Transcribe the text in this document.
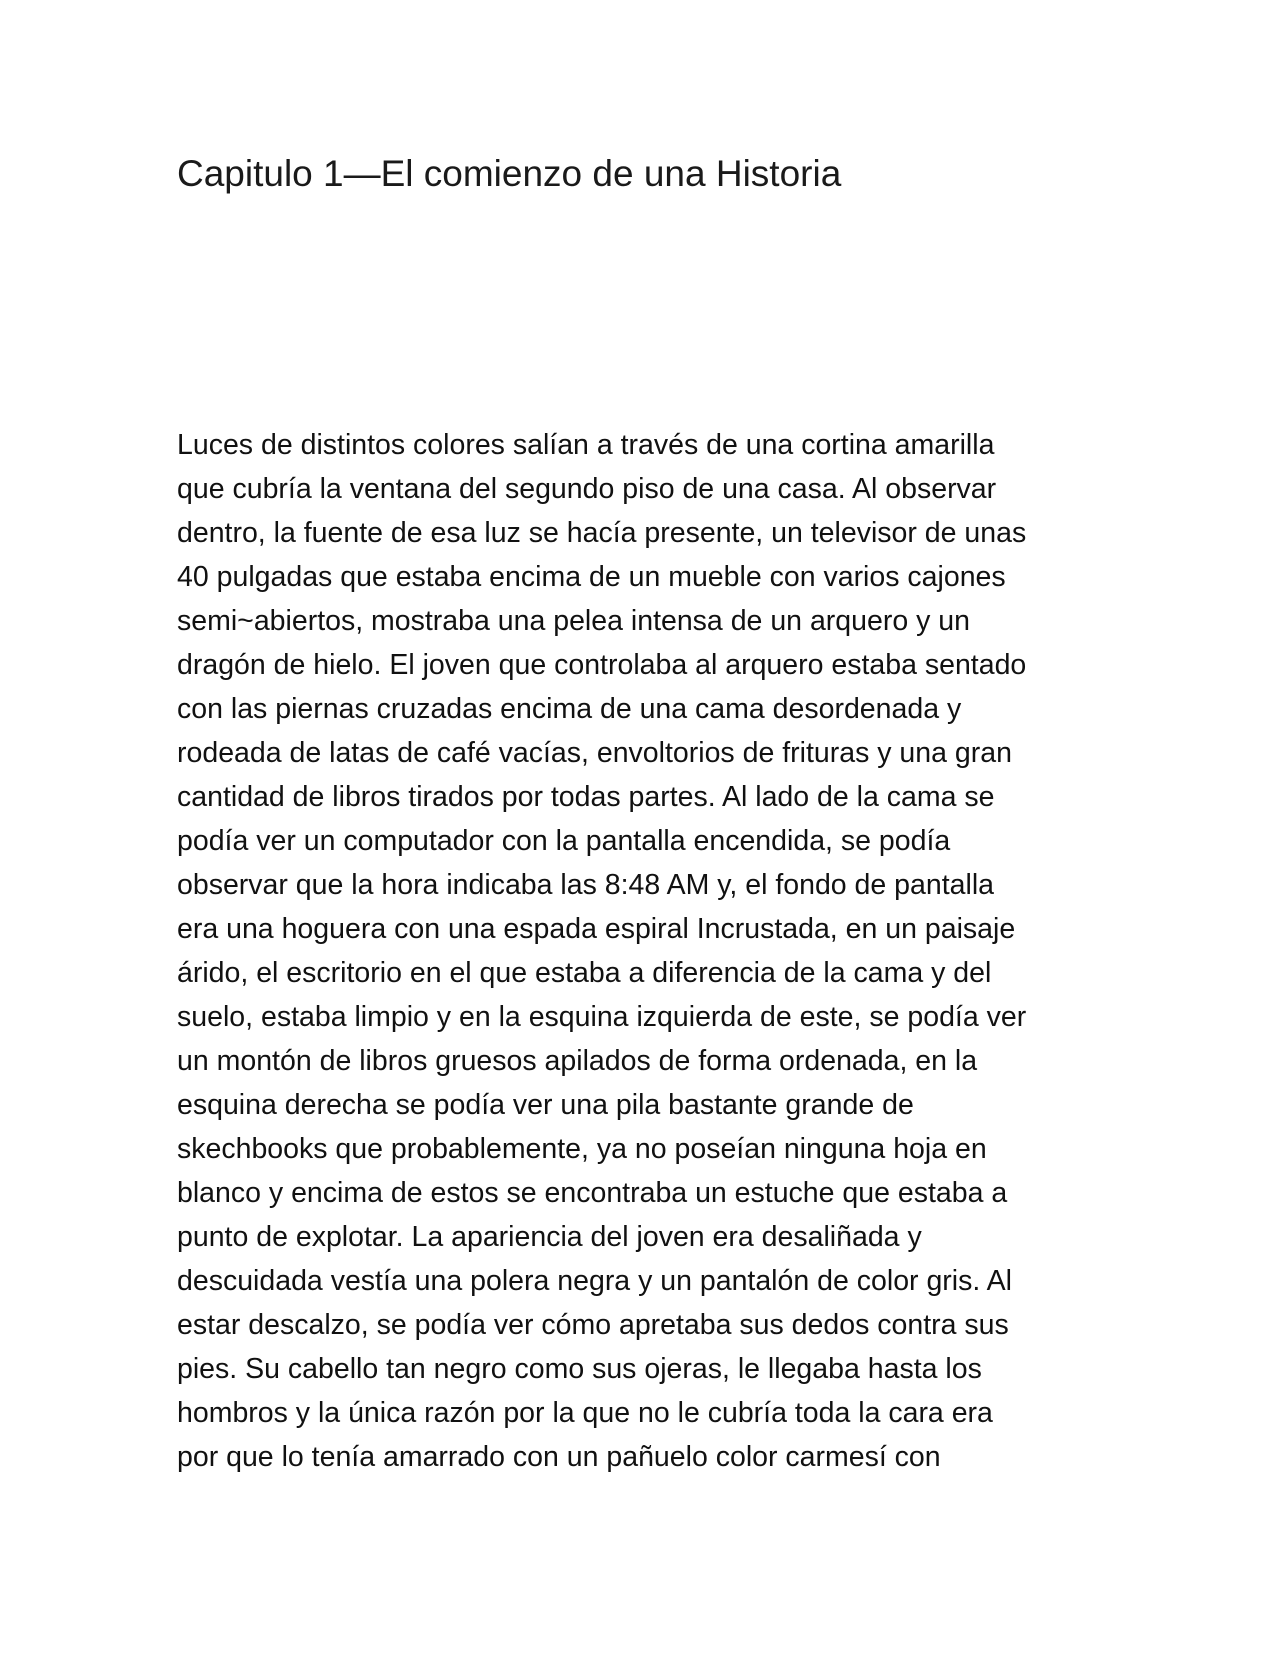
Capitulo 1—El comienzo de una Historia
Luces de distintos colores salían a través de una cortina amarilla
que cubría la ventana del segundo piso de una casa. Al observar
dentro, la fuente de esa luz se hacía presente, un televisor de unas
40 pulgadas que estaba encima de un mueble con varios cajones
semi~abiertos, mostraba una pelea intensa de un arquero y un
dragón de hielo. El joven que controlaba al arquero estaba sentado
con las piernas cruzadas encima de una cama desordenada y
rodeada de latas de café vacías, envoltorios de frituras y una gran
cantidad de libros tirados por todas partes. Al lado de la cama se
podía ver un computador con la pantalla encendida, se podía
observar que la hora indicaba las 8:48 AM y, el fondo de pantalla
era una hoguera con una espada espiral Incrustada, en un paisaje
árido, el escritorio en el que estaba a diferencia de la cama y del
suelo, estaba limpio y en la esquina izquierda de este, se podía ver
un montón de libros gruesos apilados de forma ordenada, en la
esquina derecha se podía ver una pila bastante grande de
skechbooks que probablemente, ya no poseían ninguna hoja en
blanco y encima de estos se encontraba un estuche que estaba a
punto de explotar. La apariencia del joven era desaliñada y
descuidada vestía una polera negra y un pantalón de color gris. Al
estar descalzo, se podía ver cómo apretaba sus dedos contra sus
pies. Su cabello tan negro como sus ojeras, le llegaba hasta los
hombros y la única razón por la que no le cubría toda la cara era
por que lo tenía amarrado con un pañuelo color carmesí con
